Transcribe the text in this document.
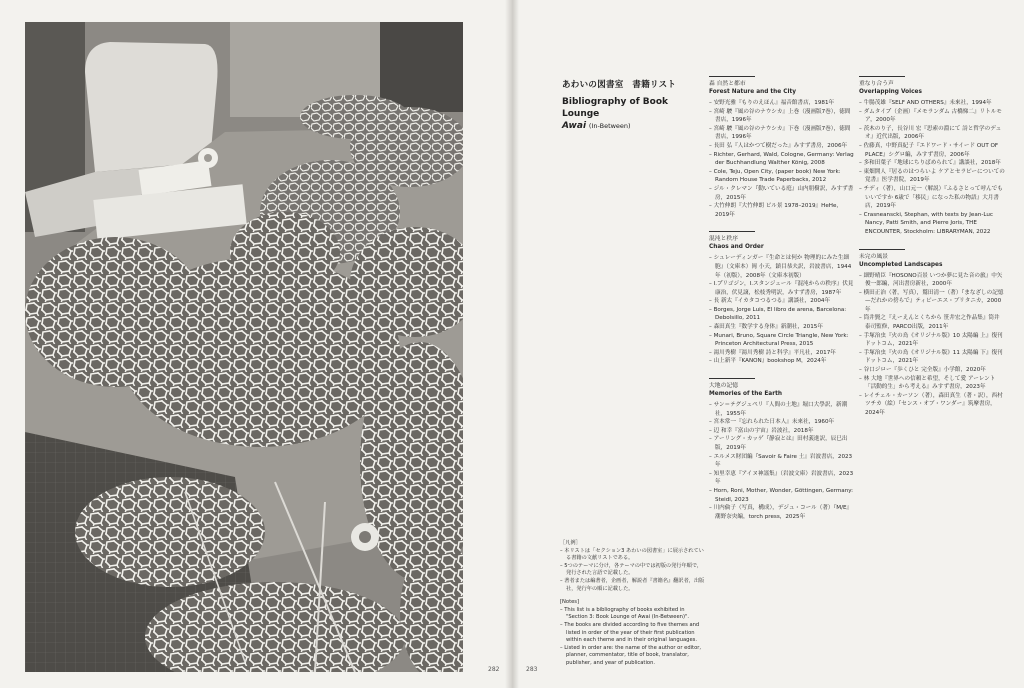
282	283
あわいの図書室　書籍リスト
Bibliography of Book Lounge
Awai (In-Between)
森 自然と都市
Forest Nature and the City
– 安野光雅『もりのえほん』福音館書店，1981年
– 宮崎 駿『風の谷のナウシカ』上巻（漫画版7巻），徳間書店，1996年
– 宮崎 駿『風の谷のナウシカ』下巻（漫画版7巻），徳間書店，1996年
– 長田 弘『人はかつて樹だった』みすず書房，2006年
– Richter, Gerhard, Wald, Cologne, Germany: Verlag der Buchhandlung Walther König, 2008
– Cole, Teju, Open City, (paper book) New York: Random House Trade Paperbacks, 2012
– ジル・クレマン『動いている庭』山内朋樹訳，みすず書房，2015年
– 大竹伸朗『大竹伸朗 ビル景 1978–2019』HeHe，2019年
混沌と秩序
Chaos and Order
– シュレーディンガー『生命とは何か 物理的にみた生細胞』（文庫本）岡 小天，鎮目恭夫訳，岩波書店，1944年（初版），2008年（文庫本初版）
– I.プリゴジン，I.スタンジェール『混沌からの秩序』伏見康治，伏見譲，松枝秀明訳，みすず書房，1987年
– 長 新太『イカタコつるつる』講談社，2004年
– Borges, Jorge Luis, El libro de arena, Barcelona: Debolsillo, 2011
– 森田真生『数学する身体』新潮社，2015年
– Munari, Bruno, Square Circle Triangle, New York: Princeton Architectural Press, 2015
– 湯川秀樹『湯川秀樹 詩と科学』平凡社，2017年
– 山上新平『KANON』bookshop M，2024年
大地の記憶
Memories of the Earth
– サン＝テグジュペリ『人間の土地』堀口大學訳，新潮社，1955年
– 宮本常一『忘れられた日本人』未來社，1960年
– 辺 和幸『富山の宇宙』岩波社，2018年
– アーリング・カッゲ『静寂とは』田村義進訳，辰巳出版，2019年
– エルメス財団編『Savoir & Faire 土』岩波書店，2023年
– 知里幸恵『アイヌ神謡集』（岩波文庫）岩波書店，2023年
– Horn, Roni, Mother, Wonder, Göttingen, Germany: Steidl, 2023
– 川内倫子（写真，構成），デジュ・コール（著）『M/E』潮野奈央編，torch press，2025年
重なり合う声
Overlapping Voices
– 牛腸茂雄『SELF AND OTHERS』未來社，1994年
– ダムタイプ（企画）『メモランダム 古橋悌二』リトルモア，2000年
– 茨木のり子，長谷川 宏『思索の淵にて 詩と哲学のデュオ』近代出版，2006年
– 佐藤真，中野真紀子『エドワード・サイード OUT OF PLACE』シグロ編，みすず書房，2006年
– 多和田葉子『地球にちりばめられて』講談社，2018年
– 東畑開人『居るのはつらいよ ケアとセラピーについての覚書』医学書院，2019年
– チディ（著），山口元一（解説）『ふるさとって呼んでもいいですか 6歳で「移民」になった私の物語』大月書店，2019年
– Crasneanscki, Stephan, with texts by Jean-Luc Nancy, Patti Smith, and Pierre Joris, THE ENCOUNTER, Stockholm: LIBRARYMAN, 2022
未完の風景
Uncompleted Landscapes
– 細野晴臣『HOSONO百景 いつか夢に見た音の旅』中矢俊一郎編，河出書房新社，2000年
– 横田正治（著，写真），鷲田清一（著）『まなざしの記憶 —だれかの傍らで』ティビーエス・ブリタニカ，2000年
– 筒井賢之『えーえんとくちから 笹井宏之作品集』筒井泰司監修，PARCO出版，2011年
– 手塚治虫『火の鳥《オリジナル版》10 太陽編 上』復刊ドットコム，2021年
– 手塚治虫『火の鳥《オリジナル版》11 太陽編 下』復刊ドットコム，2021年
– 谷口ジロー『歩くひと 完全版』小学館，2020年
– 林 大地『世界への信頼と希望，そして愛 アーレント「活動的生」から考える』みすず書房，2023年
– レイチェル・カーソン（著），森田真生（著・訳），西村ツチカ（絵）『センス・オブ・ワンダー』筑摩書房，2024年
［凡例］
– 本リストは「セクション3 あわいの図書室」に展示されている書籍の文献リストである。
– 5つのテーマに分け，各テーマの中では初版の発行年順で，発行された言語で記載した。
– 著者または編著者，企画者，解説者『書籍名』翻訳者，出版社，発行年の順に記載した。
[Notes]
– This list is a bibliography of books exhibited in "Section 3: Book Lounge of Awai (In-Between)".
– The books are divided according to five themes and listed in order of the year of their first publication within each theme and in their original languages.
– Listed in order are: the name of the author or editor, planner, commentator, title of book, translator, publisher, and year of publication.
